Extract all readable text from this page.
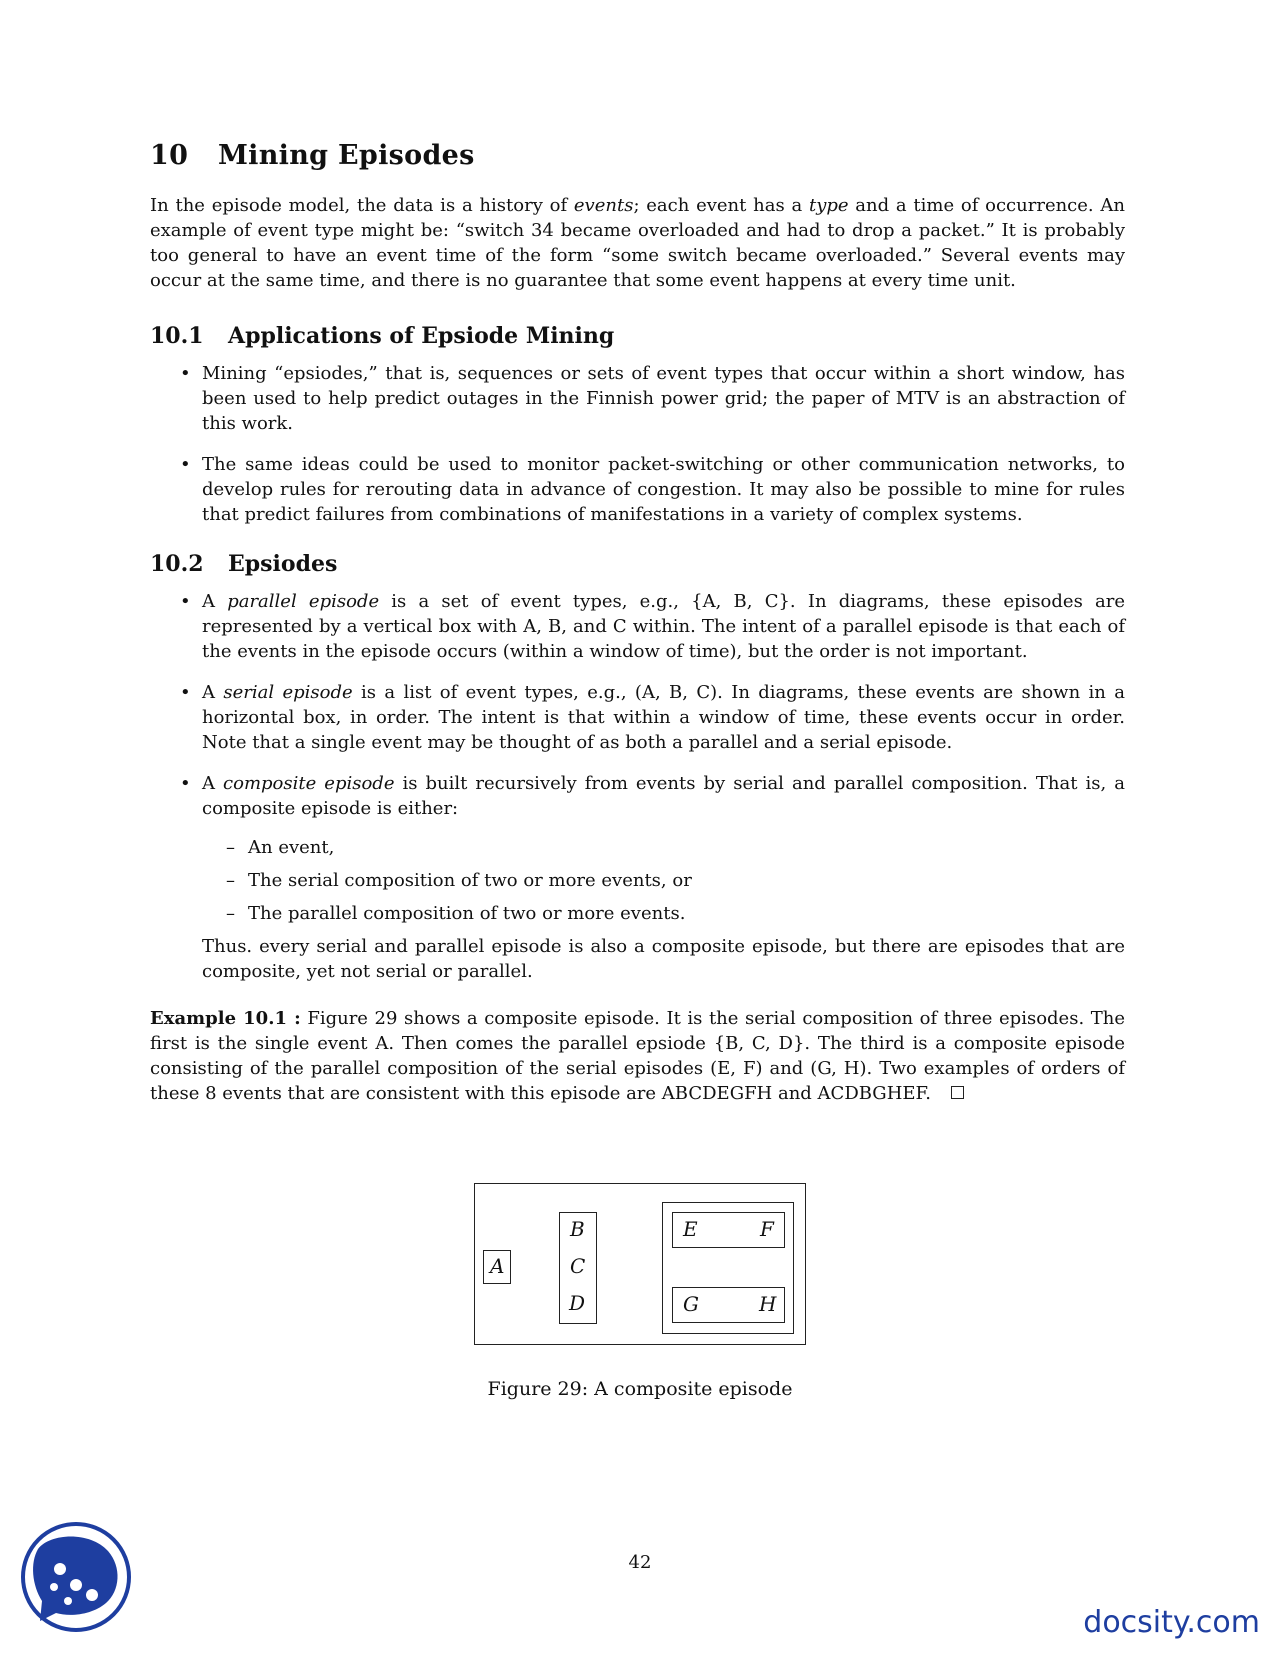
10 Mining Episodes

In the episode model, the data is a history of events; each event has a type and a time of occurrence. An example of event type might be: “switch 34 became overloaded and had to drop a packet.” It is probably too general to have an event time of the form “some switch became overloaded.” Several events may occur at the same time, and there is no guarantee that some event happens at every time unit.

10.1 Applications of Epsiode Mining
• Mining “epsiodes,” that is, sequences or sets of event types that occur within a short window, has been used to help predict outages in the Finnish power grid; the paper of MTV is an abstraction of this work.
• The same ideas could be used to monitor packet-switching or other communication networks, to develop rules for rerouting data in advance of congestion. It may also be possible to mine for rules that predict failures from combinations of manifestations in a variety of complex systems.
10.2 Epsiodes
• A parallel episode is a set of event types, e.g., {A, B, C}. In diagrams, these episodes are represented by a vertical box with A, B, and C within. The intent of a parallel episode is that each of the events in the episode occurs (within a window of time), but the order is not important.
• A serial episode is a list of event types, e.g., (A, B, C). In diagrams, these events are shown in a horizontal box, in order. The intent is that within a window of time, these events occur in order. Note that a single event may be thought of as both a parallel and a serial episode.
• A composite episode is built recursively from events by serial and parallel composition. That is, a composite episode is either:
– An event,
– The serial composition of two or more events, or
– The parallel composition of two or more events.

Thus. every serial and parallel episode is also a composite episode, but there are episodes that are composite, yet not serial or parallel.

Example 10.1 : Figure 29 shows a composite episode. It is the serial composition of three episodes. The first is the single event A. Then comes the parallel epsiode {B, C, D}. The third is a composite episode consisting of the parallel composition of the serial episodes (E, F) and (G, H). Two examples of orders of these 8 events that are consistent with this episode are ABCDEGFH and ACDBGHEF.

A
B
C
D
E	F
G	H
Figure 29: A composite episode
42
docsity.com
